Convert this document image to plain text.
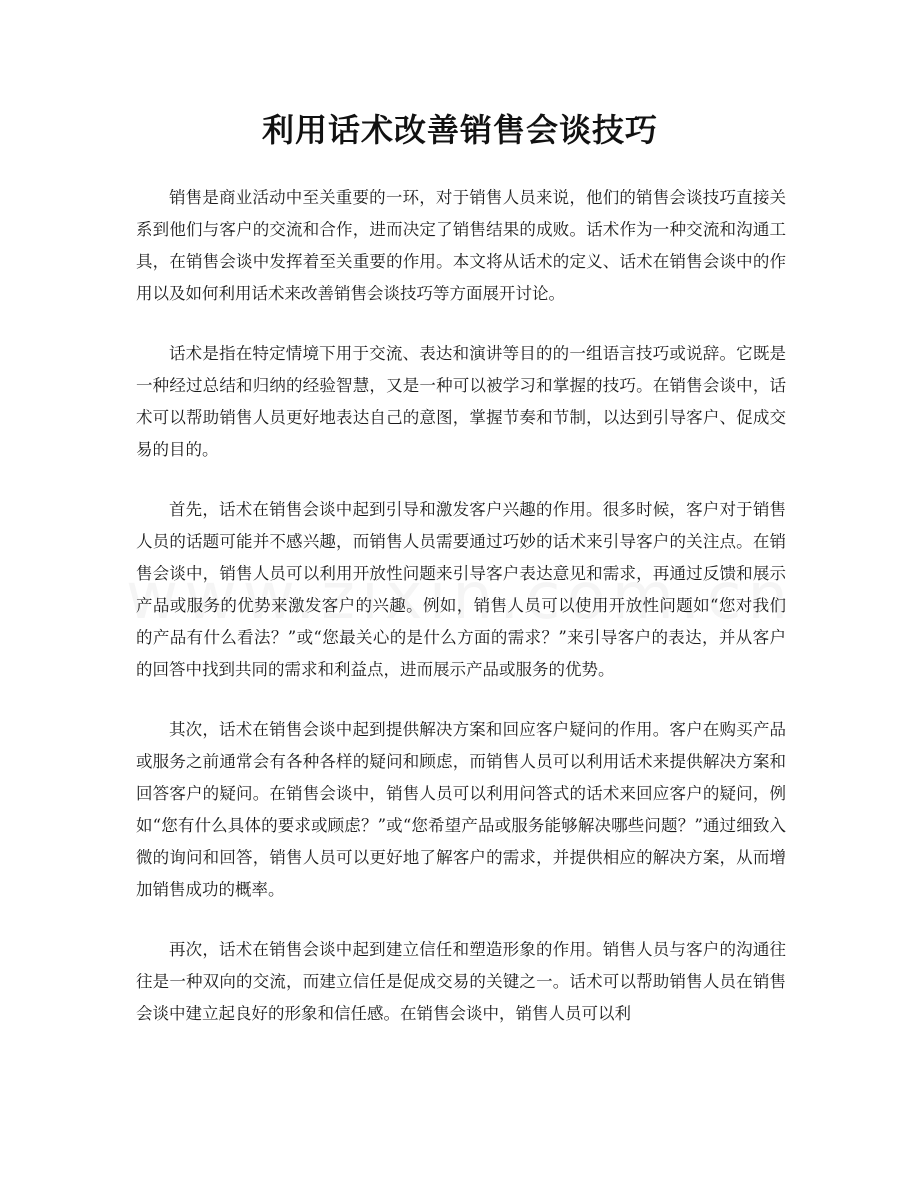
利用话术改善销售会谈技巧

销售是商业活动中至关重要的一环，对于销售人员来说，他们的销售会谈技巧直接关系到他们与客户的交流和合作，进而决定了销售结果的成败。话术作为一种交流和沟通工具，在销售会谈中发挥着至关重要的作用。本文将从话术的定义、话术在销售会谈中的作用以及如何利用话术来改善销售会谈技巧等方面展开讨论。

话术是指在特定情境下用于交流、表达和演讲等目的的一组语言技巧或说辞。它既是一种经过总结和归纳的经验智慧，又是一种可以被学习和掌握的技巧。在销售会谈中，话术可以帮助销售人员更好地表达自己的意图，掌握节奏和节制，以达到引导客户、促成交易的目的。

首先，话术在销售会谈中起到引导和激发客户兴趣的作用。很多时候，客户对于销售人员的话题可能并不感兴趣，而销售人员需要通过巧妙的话术来引导客户的关注点。在销售会谈中，销售人员可以利用开放性问题来引导客户表达意见和需求，再通过反馈和展示产品或服务的优势来激发客户的兴趣。例如，销售人员可以使用开放性问题如“您对我们的产品有什么看法？”或“您最关心的是什么方面的需求？”来引导客户的表达，并从客户的回答中找到共同的需求和利益点，进而展示产品或服务的优势。

其次，话术在销售会谈中起到提供解决方案和回应客户疑问的作用。客户在购买产品或服务之前通常会有各种各样的疑问和顾虑，而销售人员可以利用话术来提供解决方案和回答客户的疑问。在销售会谈中，销售人员可以利用问答式的话术来回应客户的疑问，例如“您有什么具体的要求或顾虑？”或“您希望产品或服务能够解决哪些问题？”通过细致入微的询问和回答，销售人员可以更好地了解客户的需求，并提供相应的解决方案，从而增加销售成功的概率。

再次，话术在销售会谈中起到建立信任和塑造形象的作用。销售人员与客户的沟通往往是一种双向的交流，而建立信任是促成交易的关键之一。话术可以帮助销售人员在销售会谈中建立起良好的形象和信任感。在销售会谈中，销售人员可以利
